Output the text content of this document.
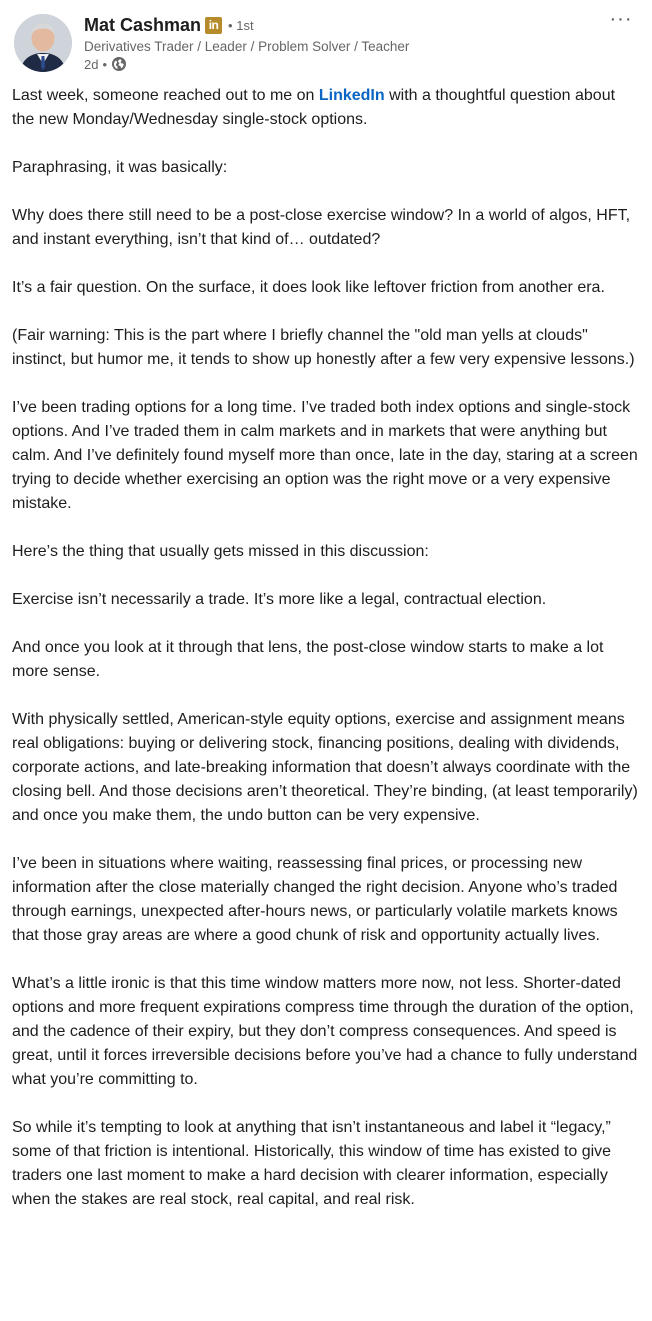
Mat Cashman in • 1st
Derivatives Trader / Leader / Problem Solver / Teacher
2d •
···

Last week, someone reached out to me on LinkedIn with a thoughtful question about the new Monday/Wednesday single-stock options.

Paraphrasing, it was basically:

Why does there still need to be a post-close exercise window? In a world of algos, HFT, and instant everything, isn’t that kind of… outdated?

It’s a fair question. On the surface, it does look like leftover friction from another era.

(Fair warning: This is the part where I briefly channel the "old man yells at clouds" instinct, but humor me, it tends to show up honestly after a few very expensive lessons.)

I’ve been trading options for a long time. I’ve traded both index options and single-stock options. And I’ve traded them in calm markets and in markets that were anything but calm. And I’ve definitely found myself more than once, late in the day, staring at a screen trying to decide whether exercising an option was the right move or a very expensive mistake.

Here’s the thing that usually gets missed in this discussion:

Exercise isn’t necessarily a trade. It’s more like a legal, contractual election.

And once you look at it through that lens, the post-close window starts to make a lot more sense.

With physically settled, American-style equity options, exercise and assignment means real obligations: buying or delivering stock, financing positions, dealing with dividends, corporate actions, and late-breaking information that doesn’t always coordinate with the closing bell. And those decisions aren’t theoretical. They’re binding, (at least temporarily) and once you make them, the undo button can be very expensive.

I’ve been in situations where waiting, reassessing final prices, or processing new information after the close materially changed the right decision. Anyone who’s traded through earnings, unexpected after-hours news, or particularly volatile markets knows that those gray areas are where a good chunk of risk and opportunity actually lives.

What’s a little ironic is that this time window matters more now, not less. Shorter-dated options and more frequent expirations compress time through the duration of the option, and the cadence of their expiry, but they don’t compress consequences. And speed is great, until it forces irreversible decisions before you’ve had a chance to fully understand what you’re committing to.

So while it’s tempting to look at anything that isn’t instantaneous and label it “legacy,” some of that friction is intentional. Historically, this window of time has existed to give traders one last moment to make a hard decision with clearer information, especially when the stakes are real stock, real capital, and real risk.
